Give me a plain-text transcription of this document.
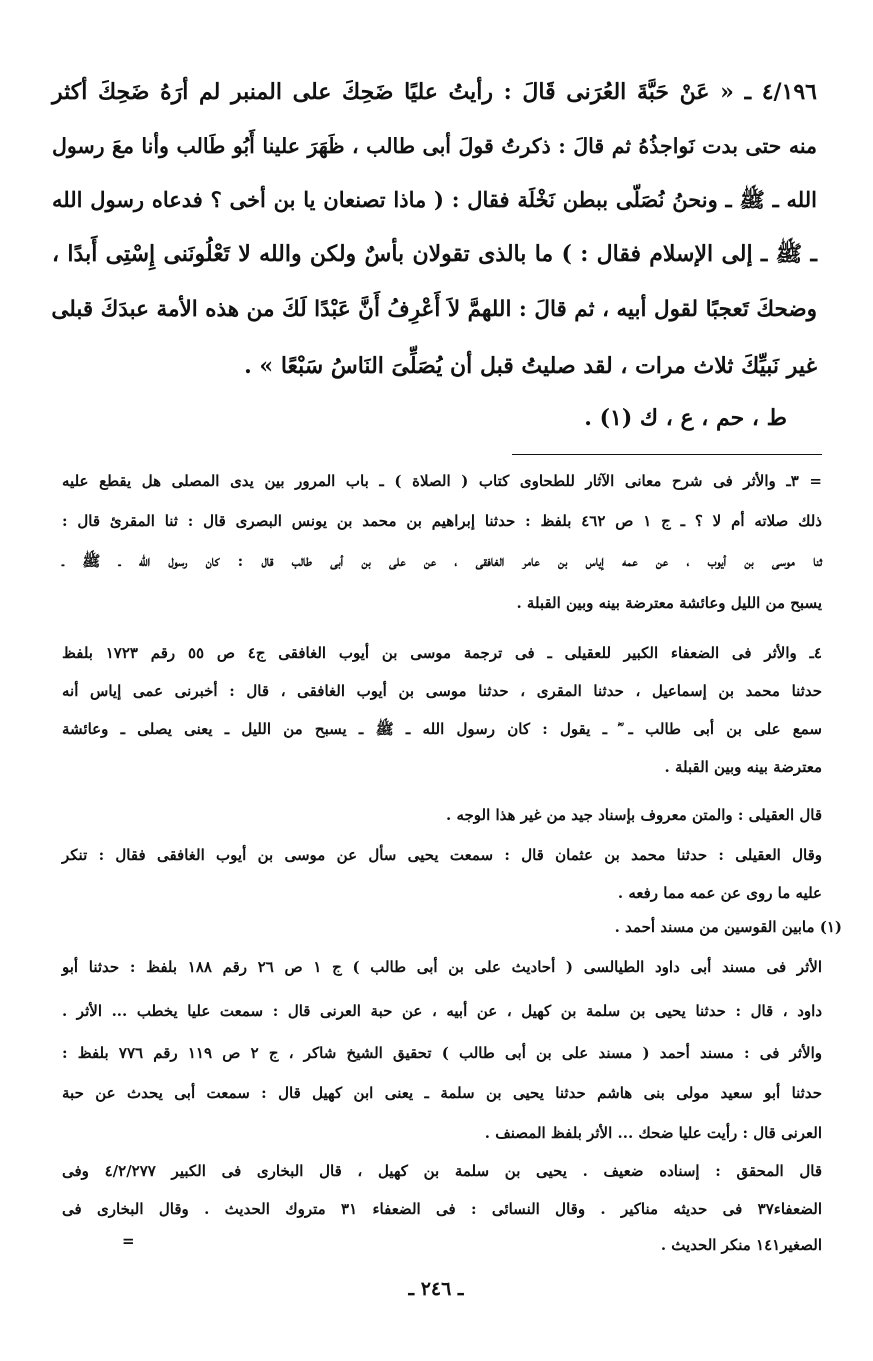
٤/١٩٦ ـ « عَنْ حَبَّةَ العُرَنى قَالَ : رأيتُ عليًا ضَحِكَ على المنبر لم أرَهُ ضَحِكَ أكثر
منه حتى بدت نَواجذُهُ ثم قالَ : ذكرتُ قولَ أبى طالب ، ظَهَرَ علينا أَبُو طَالب وأنا معَ رسول
الله ـ ﷺ ـ ونحنُ نُصَلّى ببطن نَخْلَة فقال : ( ماذا تصنعان يا بن أخى ؟ فدعاه رسول الله
ـ ﷺ ـ إلى الإسلام فقال : ) ما بالذى تقولان بأسٌ ولكن والله لا تَعْلُونَنى إِسْتِى أَبدًا ،
وضحكَ تَعجبًا لقول أبيه ، ثم قالَ : اللهمَّ لاَ أَعْرِفُ أَنَّ عَبْدًا لَكَ من هذه الأمة عبدَكَ قبلى
غير نَبيِّكَ ثلاث مرات ، لقد صليتُ قبل أن يُصَلِّىَ النَاسُ سَبْعًا » .
ط ، حم ، ع ، ك (١) .
= ٣ـ والأثر فى شرح معانى الآثار للطحاوى كتاب ( الصلاة ) ـ باب المرور بين يدى المصلى هل يقطع عليه
ذلك صلاته أم لا ؟ ـ ج ١ ص ٤٦٢ بلفظ : حدثنا إبراهيم بن محمد بن يونس البصرى قال : ثنا المقرئ قال :
ثنا موسى بن أيوب ، عن عمه إياس بن عامر الغافقى ، عن على بن أبى طالب قال : كان رسول الله ـ ﷺ ـ
يسبح من الليل وعائشة معترضة بينه وبين القبلة .
٤ـ والأثر فى الضعفاء الكبير للعقيلى ـ فى ترجمة موسى بن أيوب الغافقى ج٤ ص ٥٥ رقم ١٧٢٣ بلفظ
حدثنا محمد بن إسماعيل ، حدثنا المقرى ، حدثنا موسى بن أيوب الغافقى ، قال : أخبرنى عمى إياس أنه
سمع على بن أبى طالب ـ ؓ ـ يقول : كان رسول الله ـ ﷺ ـ يسبح من الليل ـ يعنى يصلى ـ وعائشة
معترضة بينه وبين القبلة .
قال العقيلى : والمتن معروف بإسناد جيد من غير هذا الوجه .
وقال العقيلى : حدثنا محمد بن عثمان قال : سمعت يحيى سأل عن موسى بن أيوب الغافقى فقال : تنكر
عليه ما روى عن عمه مما رفعه .
(١) مابين القوسين من مسند أحمد .
الأثر فى مسند أبى داود الطيالسى ( أحاديث على بن أبى طالب ) ج ١ ص ٢٦ رقم ١٨٨ بلفظ : حدثنا أبو
داود ، قال : حدثنا يحيى بن سلمة بن كهيل ، عن أبيه ، عن حبة العرنى قال : سمعت عليا يخطب ... الأثر .
والأثر فى : مسند أحمد ( مسند على بن أبى طالب ) تحقيق الشيخ شاكر ، ج ٢ ص ١١٩ رقم ٧٧٦ بلفظ :
حدثنا أبو سعيد مولى بنى هاشم حدثنا يحيى بن سلمة ـ يعنى ابن كهيل قال : سمعت أبى يحدث عن حبة
العرنى قال : رأيت عليا ضحك ... الأثر بلفظ المصنف .
قال المحقق : إسناده ضعيف . يحيى بن سلمة بن كهيل ، قال البخارى فى الكبير ٤/٢/٢٧٧ وفى
الضعفاء٣٧ فى حديثه مناكير . وقال النسائى : فى الضعفاء ٣١ متروك الحديث . وقال البخارى فى
الصغير١٤١ منكر الحديث .
=
ـ ٢٤٦ ـ
